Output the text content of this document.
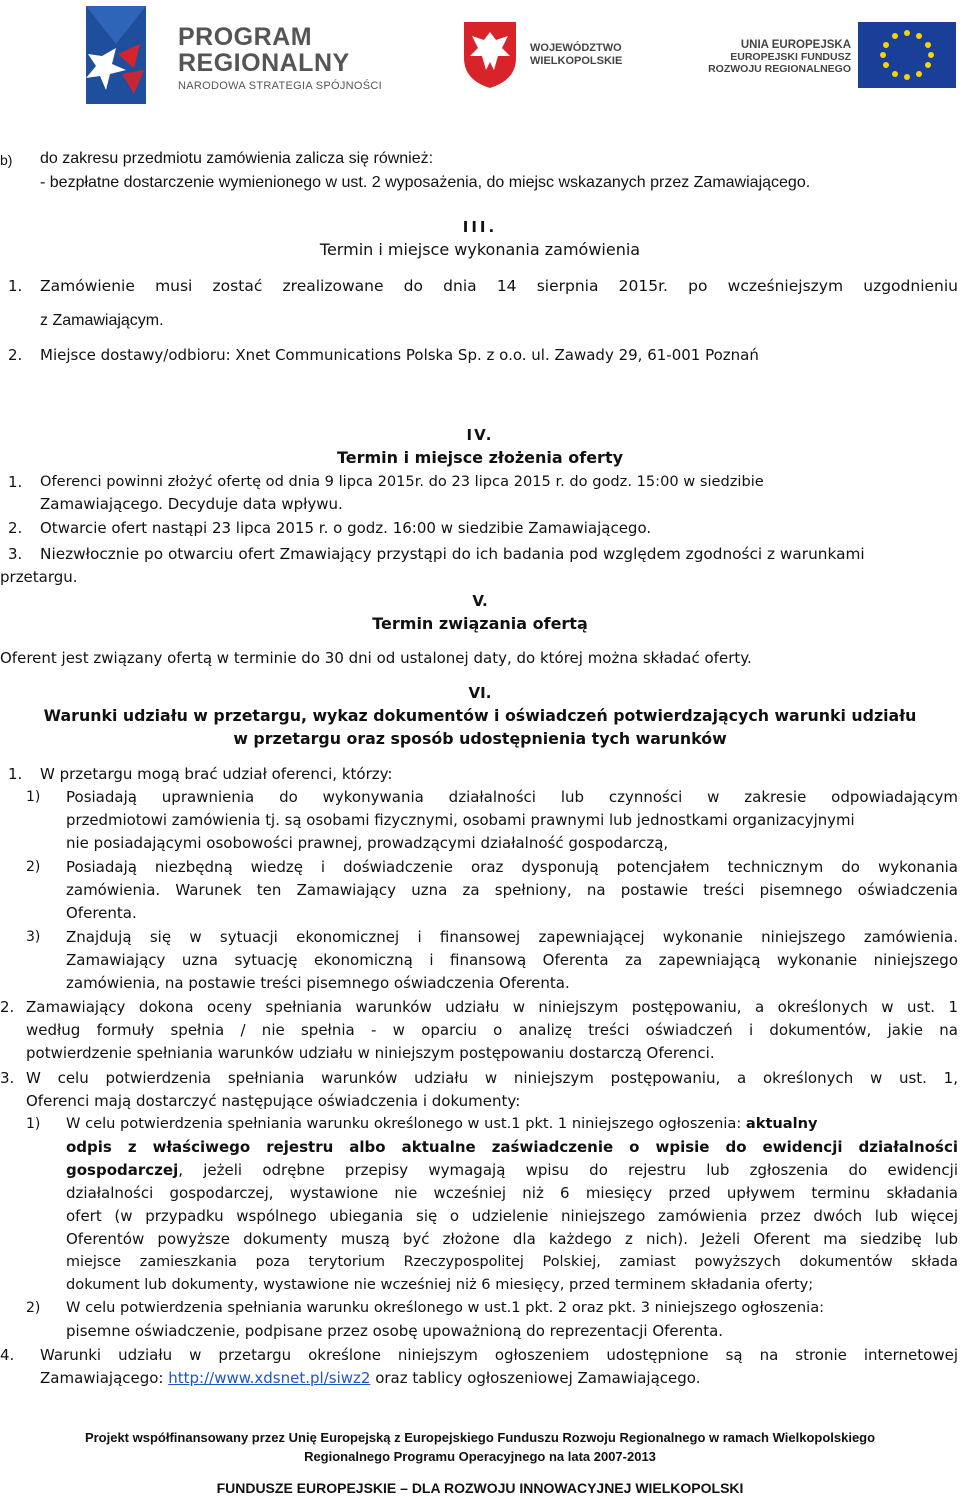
PROGRAM
REGIONALNY
NARODOWA STRATEGIA SPÓJNOŚCI
WOJEWÓDZTWO
WIELKOPOLSKIE
UNIA EUROPEJSKA
EUROPEJSKI FUNDUSZ
ROZWOJU REGIONALNEGO
b) do zakresu przedmiotu zamówienia zalicza się również:
- bezpłatne dostarczenie wymienionego w ust. 2 wyposażenia, do miejsc wskazanych przez Zamawiającego.
III.
Termin i miejsce wykonania zamówienia
1. Zamówienie musi zostać zrealizowane do dnia 14 sierpnia 2015r. po wcześniejszym uzgodnieniu
z Zamawiającym.
2. Miejsce dostawy/odbioru: Xnet Communications Polska Sp. z o.o. ul. Zawady 29, 61-001 Poznań
IV.
Termin i miejsce złożenia oferty
1. Oferenci powinni złożyć ofertę od dnia 9 lipca 2015r. do 23 lipca 2015 r. do godz. 15:00 w siedzibie
Zamawiającego. Decyduje data wpływu.
2. Otwarcie ofert nastąpi 23 lipca 2015 r. o godz. 16:00 w siedzibie Zamawiającego.
3. Niezwłocznie po otwarciu ofert Zmawiający przystąpi do ich badania pod względem zgodności z warunkami
przetargu.
V.
Termin związania ofertą
Oferent jest związany ofertą w terminie do 30 dni od ustalonej daty, do której można składać oferty.
VI.
Warunki udziału w przetargu, wykaz dokumentów i oświadczeń potwierdzających warunki udziału
w przetargu oraz sposób udostępnienia tych warunków
1. W przetargu mogą brać udział oferenci, którzy:
1) Posiadają uprawnienia do wykonywania działalności lub czynności w zakresie odpowiadającym
przedmiotowi zamówienia tj. są osobami fizycznymi, osobami prawnymi lub jednostkami organizacyjnymi
nie posiadającymi osobowości prawnej, prowadzącymi działalność gospodarczą,
2) Posiadają niezbędną wiedzę i doświadczenie oraz dysponują potencjałem technicznym do wykonania
zamówienia. Warunek ten Zamawiający uzna za spełniony, na postawie treści pisemnego oświadczenia
Oferenta.
3) Znajdują się w sytuacji ekonomicznej i finansowej zapewniającej wykonanie niniejszego zamówienia.
Zamawiający uzna sytuację ekonomiczną i finansową Oferenta za zapewniającą wykonanie niniejszego
zamówienia, na postawie treści pisemnego oświadczenia Oferenta.
2. Zamawiający dokona oceny spełniania warunków udziału w niniejszym postępowaniu, a określonych w ust. 1
według formuły spełnia / nie spełnia - w oparciu o analizę treści oświadczeń i dokumentów, jakie na
potwierdzenie spełniania warunków udziału w niniejszym postępowaniu dostarczą Oferenci.
3. W celu potwierdzenia spełniania warunków udziału w niniejszym postępowaniu, a określonych w ust. 1,
Oferenci mają dostarczyć następujące oświadczenia i dokumenty:
1) W celu potwierdzenia spełniania warunku określonego w ust.1 pkt. 1 niniejszego ogłoszenia: aktualny
odpis z właściwego rejestru albo aktualne zaświadczenie o wpisie do ewidencji działalności
gospodarczej, jeżeli odrębne przepisy wymagają wpisu do rejestru lub zgłoszenia do ewidencji
działalności gospodarczej, wystawione nie wcześniej niż 6 miesięcy przed upływem terminu składania
ofert (w przypadku wspólnego ubiegania się o udzielenie niniejszego zamówienia przez dwóch lub więcej
Oferentów powyższe dokumenty muszą być złożone dla każdego z nich). Jeżeli Oferent ma siedzibę lub
miejsce zamieszkania poza terytorium Rzeczypospolitej Polskiej, zamiast powyższych dokumentów składa
dokument lub dokumenty, wystawione nie wcześniej niż 6 miesięcy, przed terminem składania oferty;
2) W celu potwierdzenia spełniania warunku określonego w ust.1 pkt. 2 oraz pkt. 3 niniejszego ogłoszenia:
pisemne oświadczenie, podpisane przez osobę upoważnioną do reprezentacji Oferenta.
4. Warunki udziału w przetargu określone niniejszym ogłoszeniem udostępnione są na stronie internetowej
Zamawiającego: http://www.xdsnet.pl/siwz2 oraz tablicy ogłoszeniowej Zamawiającego.
Projekt współfinansowany przez Unię Europejską z Europejskiego Funduszu Rozwoju Regionalnego w ramach Wielkopolskiego
Regionalnego Programu Operacyjnego na lata 2007-2013
FUNDUSZE EUROPEJSKIE – DLA ROZWOJU INNOWACYJNEJ WIELKOPOLSKI
